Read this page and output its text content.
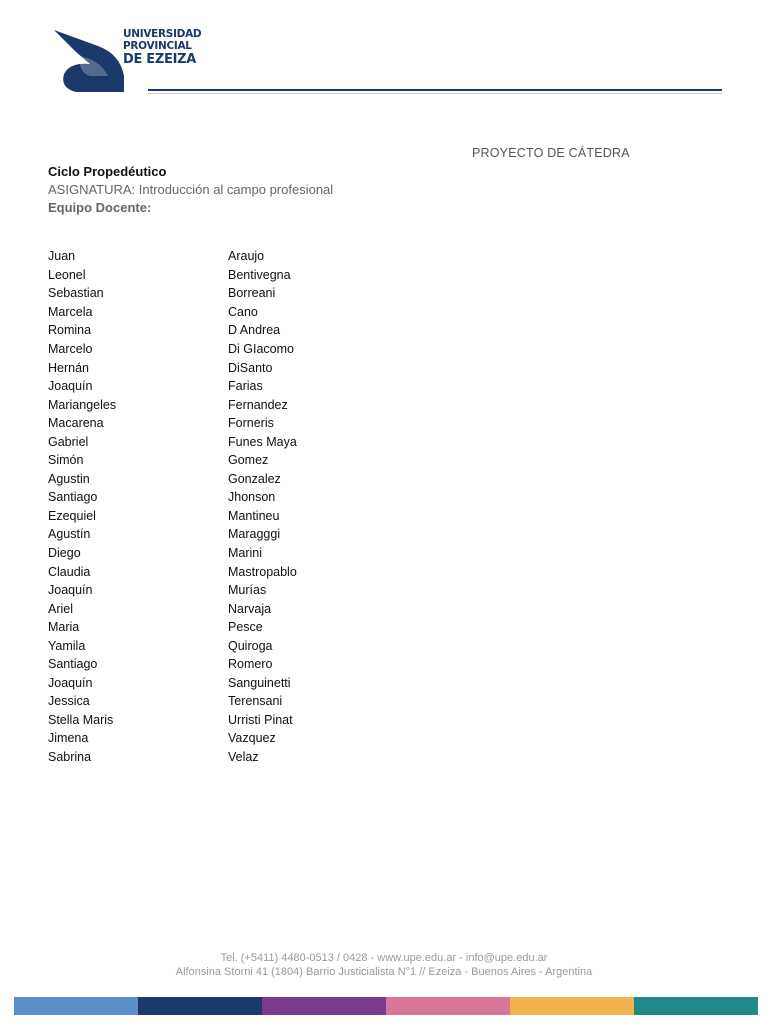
UNIVERSIDAD
PROVINCIAL
DE EZEIZA
PROYECTO DE CÁTEDRA
Ciclo Propedéutico
ASIGNATURA: Introducción al campo profesional
Equipo Docente:
Juan	Araujo
Leonel	Bentivegna
Sebastian	Borreani
Marcela	Cano
Romina	D Andrea
Marcelo	Di GIacomo
Hernán	DiSanto
Joaquín	Farias
Mariangeles	Fernandez
Macarena	Forneris
Gabriel	Funes Maya
Simón	Gomez
Agustin	Gonzalez
Santiago	Jhonson
Ezequiel	Mantineu
Agustín	Maragggi
Diego	Marini
Claudia	Mastropablo
Joaquín	Murías
Ariel	Narvaja
Maria	Pesce
Yamila	Quiroga
Santiago	Romero
Joaquín	Sanguinetti
Jessica	Terensani
Stella Maris	Urristi Pinat
Jimena	Vazquez
Sabrina	Velaz
Tel. (+5411) 4480-0513 / 0428 - www.upe.edu.ar - info@upe.edu.ar
Alfonsina Storni 41 (1804) Barrio Justicialista N°1 // Ezeiza - Buenos Aires - Argentina
